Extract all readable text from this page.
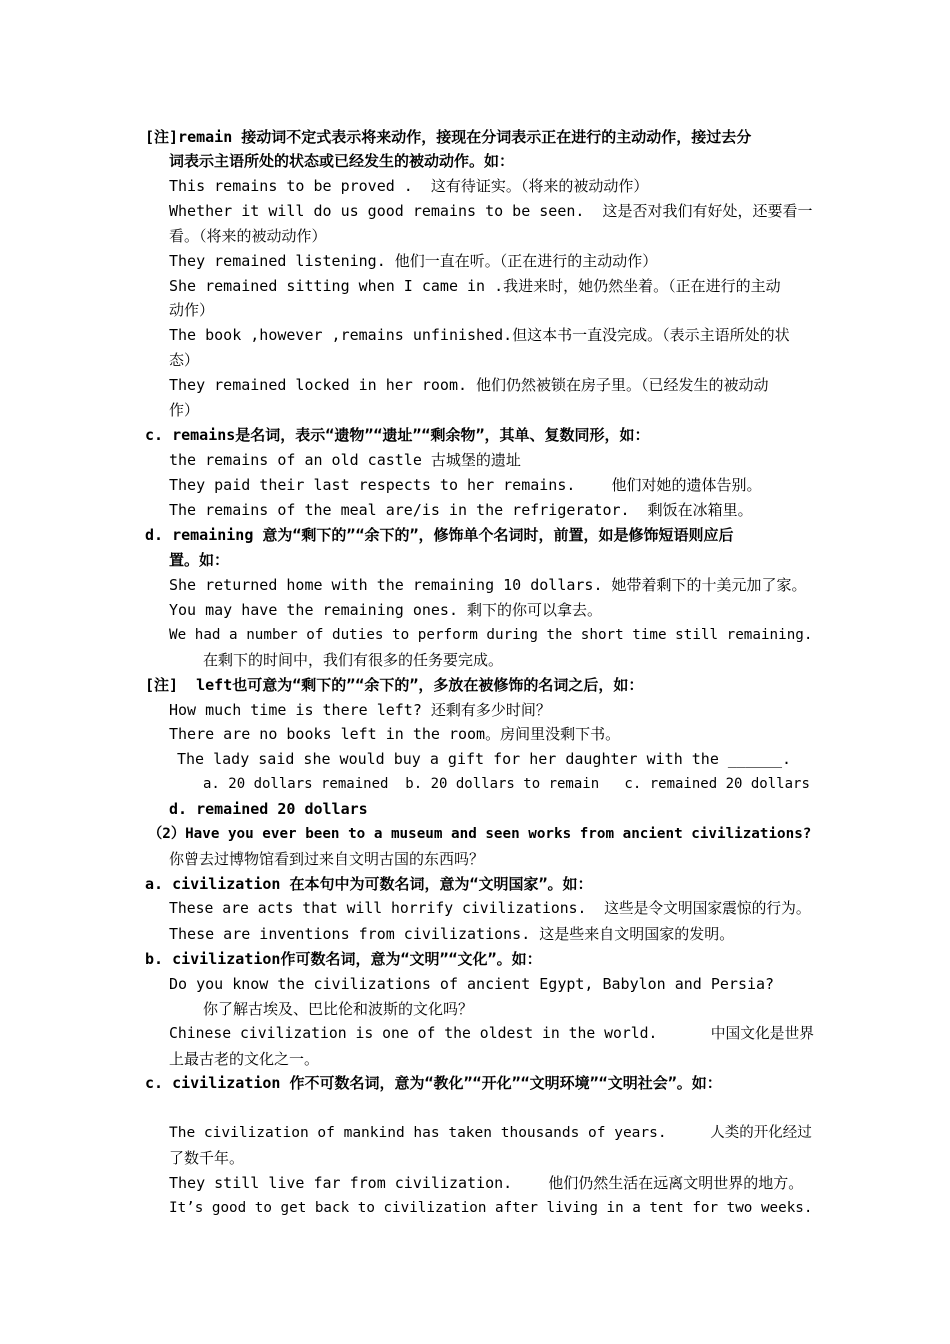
[注]remain 接动词不定式表示将来动作，接现在分词表示正在进行的主动动作，接过去分
词表示主语所处的状态或已经发生的被动动作。如：
This remains to be proved .  这有待证实。（将来的被动动作）
Whether it will do us good remains to be seen.  这是否对我们有好处，还要看一
看。（将来的被动动作）
They remained listening. 他们一直在听。（正在进行的主动动作）
She remained sitting when I came in .我进来时，她仍然坐着。（正在进行的主动
动作）
The book ,however ,remains unfinished.但这本书一直没完成。（表示主语所处的状
态）
They remained locked in her room. 他们仍然被锁在房子里。（已经发生的被动动
作）
c. remains是名词，表示“遗物”“遗址”“剩余物”，其单、复数同形，如：
the remains of an old castle 古城堡的遗址
They paid their last respects to her remains.    他们对她的遗体告别。
The remains of the meal are/is in the refrigerator.  剩饭在冰箱里。
d. remaining 意为“剩下的”“余下的”，修饰单个名词时，前置，如是修饰短语则应后
置。如：
She returned home with the remaining 10 dollars. 她带着剩下的十美元加了家。
You may have the remaining ones. 剩下的你可以拿去。
We had a number of duties to perform during the short time still remaining.
在剩下的时间中，我们有很多的任务要完成。
[注]  left也可意为“剩下的”“余下的”，多放在被修饰的名词之后，如：
How much time is there left? 还剩有多少时间？
There are no books left in the room。房间里没剩下书。
The lady said she would buy a gift for her daughter with the ______.
a. 20 dollars remained  b. 20 dollars to remain   c. remained 20 dollars
d. remained 20 dollars
（2）Have you ever been to a museum and seen works from ancient civilizations?
你曾去过博物馆看到过来自文明古国的东西吗？
a. civilization 在本句中为可数名词，意为“文明国家”。如：
These are acts that will horrify civilizations.  这些是令文明国家震惊的行为。
These are inventions from civilizations. 这是些来自文明国家的发明。
b. civilization作可数名词，意为“文明”“文化”。如：
Do you know the civilizations of ancient Egypt, Babylon and Persia?
你了解古埃及、巴比伦和波斯的文化吗？
Chinese civilization is one of the oldest in the world.      中国文化是世界
上最古老的文化之一。
c. civilization 作不可数名词，意为“教化”“开化”“文明环境”“文明社会”。如：
The civilization of mankind has taken thousands of years.     人类的开化经过
了数千年。
They still live far from civilization.    他们仍然生活在远离文明世界的地方。
It’s good to get back to civilization after living in a tent for two weeks.
